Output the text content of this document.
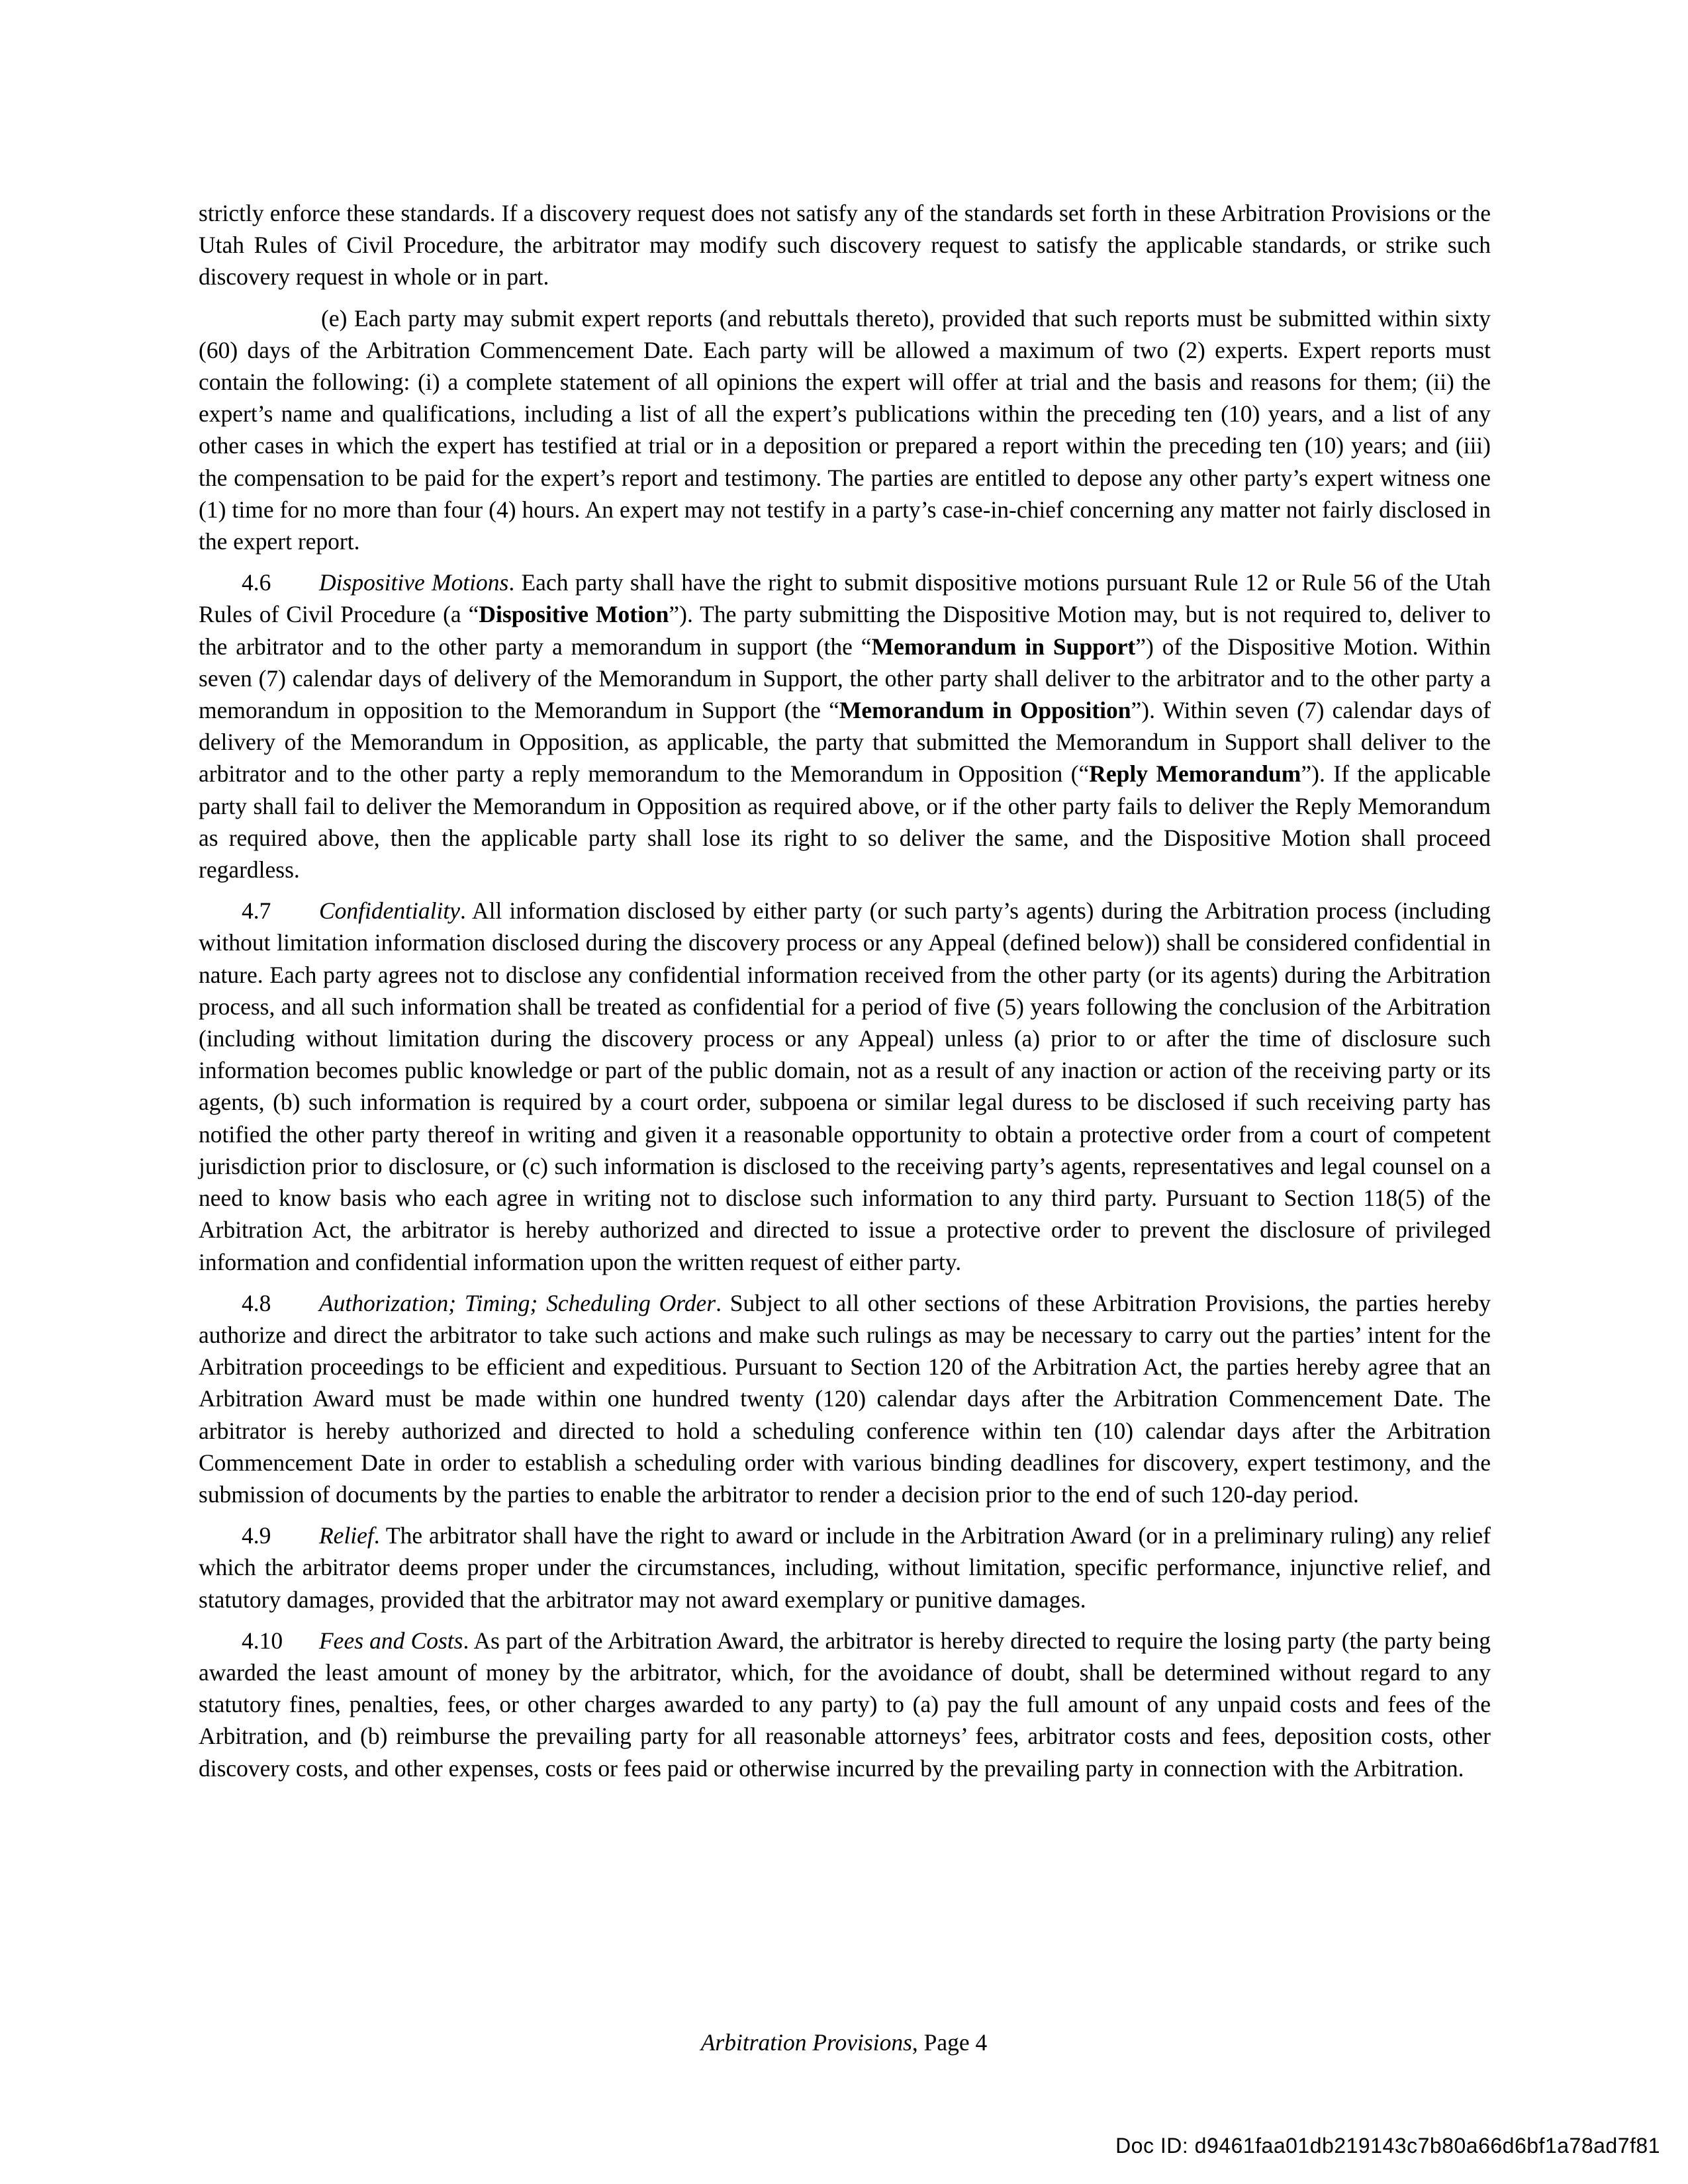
strictly enforce these standards. If a discovery request does not satisfy any of the standards set forth in these Arbitration Provisions or the Utah Rules of Civil Procedure, the arbitrator may modify such discovery request to satisfy the applicable standards, or strike such discovery request in whole or in part.

(e) Each party may submit expert reports (and rebuttals thereto), provided that such reports must be submitted within sixty (60) days of the Arbitration Commencement Date. Each party will be allowed a maximum of two (2) experts. Expert reports must contain the following: (i) a complete statement of all opinions the expert will offer at trial and the basis and reasons for them; (ii) the expert’s name and qualifications, including a list of all the expert’s publications within the preceding ten (10) years, and a list of any other cases in which the expert has testified at trial or in a deposition or prepared a report within the preceding ten (10) years; and (iii) the compensation to be paid for the expert’s report and testimony. The parties are entitled to depose any other party’s expert witness one (1) time for no more than four (4) hours. An expert may not testify in a party’s case-in-chief concerning any matter not fairly disclosed in the expert report.

4.6 Dispositive Motions. Each party shall have the right to submit dispositive motions pursuant Rule 12 or Rule 56 of the Utah Rules of Civil Procedure (a “Dispositive Motion”). The party submitting the Dispositive Motion may, but is not required to, deliver to the arbitrator and to the other party a memorandum in support (the “Memorandum in Support”) of the Dispositive Motion. Within seven (7) calendar days of delivery of the Memorandum in Support, the other party shall deliver to the arbitrator and to the other party a memorandum in opposition to the Memorandum in Support (the “Memorandum in Opposition”). Within seven (7) calendar days of delivery of the Memorandum in Opposition, as applicable, the party that submitted the Memorandum in Support shall deliver to the arbitrator and to the other party a reply memorandum to the Memorandum in Opposition (“Reply Memorandum”). If the applicable party shall fail to deliver the Memorandum in Opposition as required above, or if the other party fails to deliver the Reply Memorandum as required above, then the applicable party shall lose its right to so deliver the same, and the Dispositive Motion shall proceed regardless.

4.7 Confidentiality. All information disclosed by either party (or such party’s agents) during the Arbitration process (including without limitation information disclosed during the discovery process or any Appeal (defined below)) shall be considered confidential in nature. Each party agrees not to disclose any confidential information received from the other party (or its agents) during the Arbitration process, and all such information shall be treated as confidential for a period of five (5) years following the conclusion of the Arbitration (including without limitation during the discovery process or any Appeal) unless (a) prior to or after the time of disclosure such information becomes public knowledge or part of the public domain, not as a result of any inaction or action of the receiving party or its agents, (b) such information is required by a court order, subpoena or similar legal duress to be disclosed if such receiving party has notified the other party thereof in writing and given it a reasonable opportunity to obtain a protective order from a court of competent jurisdiction prior to disclosure, or (c) such information is disclosed to the receiving party’s agents, representatives and legal counsel on a need to know basis who each agree in writing not to disclose such information to any third party. Pursuant to Section 118(5) of the Arbitration Act, the arbitrator is hereby authorized and directed to issue a protective order to prevent the disclosure of privileged information and confidential information upon the written request of either party.

4.8 Authorization; Timing; Scheduling Order. Subject to all other sections of these Arbitration Provisions, the parties hereby authorize and direct the arbitrator to take such actions and make such rulings as may be necessary to carry out the parties’ intent for the Arbitration proceedings to be efficient and expeditious. Pursuant to Section 120 of the Arbitration Act, the parties hereby agree that an Arbitration Award must be made within one hundred twenty (120) calendar days after the Arbitration Commencement Date. The arbitrator is hereby authorized and directed to hold a scheduling conference within ten (10) calendar days after the Arbitration Commencement Date in order to establish a scheduling order with various binding deadlines for discovery, expert testimony, and the submission of documents by the parties to enable the arbitrator to render a decision prior to the end of such 120-day period.

4.9 Relief. The arbitrator shall have the right to award or include in the Arbitration Award (or in a preliminary ruling) any relief which the arbitrator deems proper under the circumstances, including, without limitation, specific performance, injunctive relief, and statutory damages, provided that the arbitrator may not award exemplary or punitive damages.

4.10 Fees and Costs. As part of the Arbitration Award, the arbitrator is hereby directed to require the losing party (the party being awarded the least amount of money by the arbitrator, which, for the avoidance of doubt, shall be determined without regard to any statutory fines, penalties, fees, or other charges awarded to any party) to (a) pay the full amount of any unpaid costs and fees of the Arbitration, and (b) reimburse the prevailing party for all reasonable attorneys’ fees, arbitrator costs and fees, deposition costs, other discovery costs, and other expenses, costs or fees paid or otherwise incurred by the prevailing party in connection with the Arbitration.

Arbitration Provisions, Page 4
Doc ID: d9461faa01db219143c7b80a66d6bf1a78ad7f81
